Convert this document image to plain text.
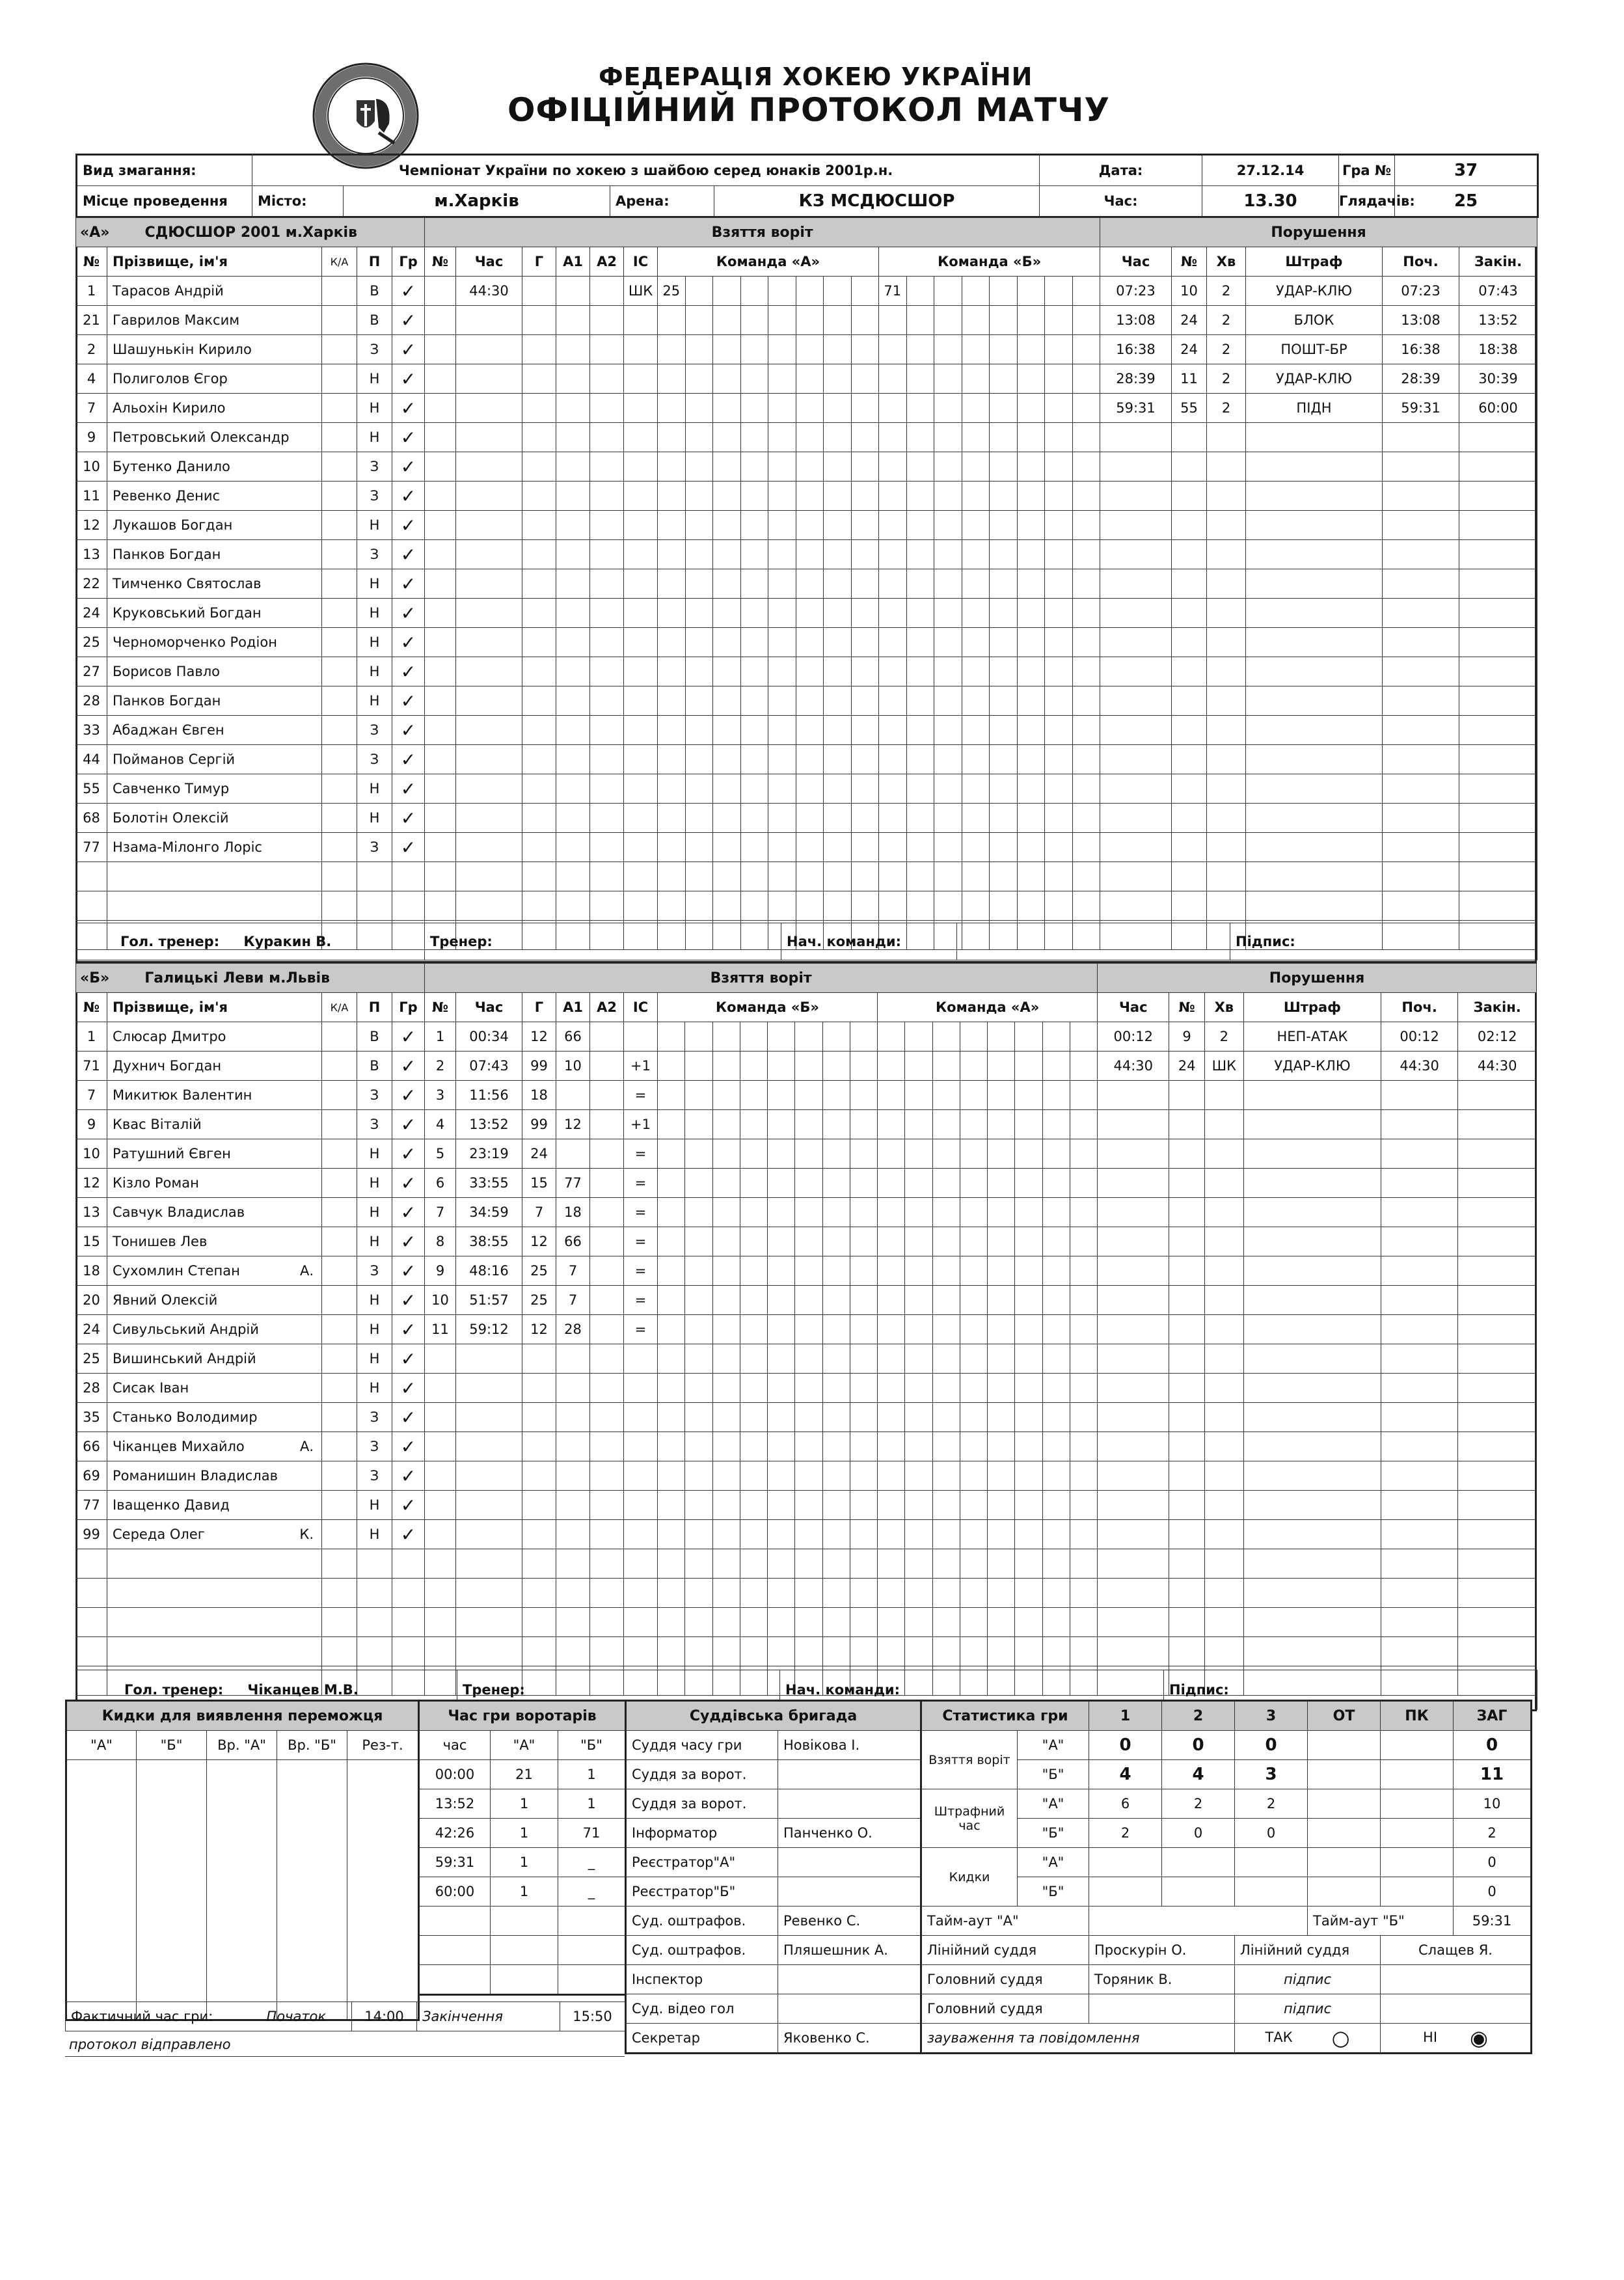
ФЕДЕРАЦІЯ ХОКЕЮ УКРАЇНИ
ОФІЦІЙНИЙ ПРОТОКОЛ МАТЧУ
Вид змагання:	Чемпіонат України по хокею з шайбою серед юнаків 2001р.н.				Дата:	27.12.14	Гра №	37
Місце проведення	Місто:	м.Харків	Арена:	КЗ МСДЮСШОР	Час:	13.30	Глядачів:	25
«А» СДЮСШОР 2001 м.Харків				
№	Прізвище, ім'я	К/А	П	Гр
1	Тарасов Андрій		В	✓
21	Гаврилов Максим		В	✓
2	Шашунькін Кирило		З	✓
4	Полиголов Єгор		Н	✓
7	Альохін Кирило		Н	✓
9	Петровський Олександр		Н	✓
10	Бутенко Данило		З	✓
11	Ревенко Денис		З	✓
12	Лукашов Богдан		Н	✓
13	Панков Богдан		З	✓
22	Тимченко Святослав		Н	✓
24	Круковський Богдан		Н	✓
25	Черноморченко Родіон		Н	✓
27	Борисов Павло		Н	✓
28	Панков Богдан		Н	✓
33	Абаджан Євген		З	✓
44	Пойманов Сергій		З	✓
55	Савченко Тимур		Н	✓
68	Болотін Олексій		Н	✓
77	Нзама-Мілонго Лоріс		З	✓

Взяття воріт																					
№	Час	Г	А1	А2	ІС	Команда «А»								Команда «Б»							
	44:30				ШК	25								71							

Порушення					
Час	№	Хв	Штраф	Поч.	Закін.
07:23	10	2	УДАР-КЛЮ	07:23	07:43
13:08	24	2	БЛОК	13:08	13:52
16:38	24	2	ПОШТ-БР	16:38	18:38
28:39	11	2	УДАР-КЛЮ	28:39	30:39
59:31	55	2	ПІДН	59:31	60:00

Гол. тренер: Куракин В.	Тренер:	Нач. команди:		Підпис:
«Б» Галицькі Леви м.Львів				
№	Прізвище, ім'я	К/А	П	Гр
1	Слюсар Дмитро		В	✓
71	Духнич Богдан		В	✓
7	Микитюк Валентин		З	✓
9	Квас Віталій		З	✓
10	Ратушний Євген		Н	✓
12	Кізло Роман		Н	✓
13	Савчук Владислав		Н	✓
15	Тонишев Лев		Н	✓
18	Сухомлин Степан А.		З	✓
20	Явний Олексій		Н	✓
24	Сивульський Андрій		Н	✓
25	Вишинський Андрій		Н	✓
28	Сисак Іван		Н	✓
35	Станько Володимир		З	✓
66	Чіканцев Михайло А.		З	✓
69	Романишин Владислав		З	✓
77	Іващенко Давид		Н	✓
99	Середа Олег К.		Н	✓

Взяття воріт																					
№	Час	Г	А1	А2	ІС	Команда «Б»								Команда «А»							
1	00:34	12	66																		
2	07:43	99	10		+1																
3	11:56	18			=																
4	13:52	99	12		+1																
5	23:19	24			=																
6	33:55	15	77		=																
7	34:59	7	18		=																
8	38:55	12	66		=																
9	48:16	25	7		=																
10	51:57	25	7		=																
11	59:12	12	28		=																

Порушення					
Час	№	Хв	Штраф	Поч.	Закін.
00:12	9	2	НЕП-АТАК	00:12	02:12
44:30	24	ШК	УДАР-КЛЮ	44:30	44:30

Гол. тренер: Чіканцев М.В.	Тренер:	Нач. команди:	Підпис:
Кидки для виявлення переможця				
"А"	"Б"	Вр. "А"	Вр. "Б"	Рез-т.

Час гри воротарів		
час	"А"	"Б"
00:00	21	1
13:52	1	1
42:26	1	71
59:31	1	_
60:00	1	_

Суддівська бригада	
Суддя часу гри	Новікова І.
Суддя за ворот.	
Суддя за ворот.	
Інформатор	Панченко О.
Реєстратор"А"	
Реєстратор"Б"	
Суд. оштрафов.	Ревенко С.
Суд. оштрафов.	Пляшешник А.
Інспектор	
Суд. відео гол	
Секретар	Яковенко С.
Статистика гри		1	2	3	ОТ	ПК	ЗАГ
Взяття воріт	"А"	0	0	0			0
	"Б"	4	4	3			11
Штрафний час	"А"	6	2	2			10
	"Б"	2	0	0			2
Кидки	"А"						0
	"Б"						0
Тайм-аут "А"					Тайм-аут "Б"		59:31
Лінійний суддя		Проскурін О.		Лінійний суддя		Слащев Я.	
Головний суддя		Торяник В.		підпис			
Головний суддя				підпис			
зауваження та повідомлення				ТАК ○		НІ ◉	
Фактичний час гри:	Початок	14:00	Закінчення	15:50
протокол відправлено
